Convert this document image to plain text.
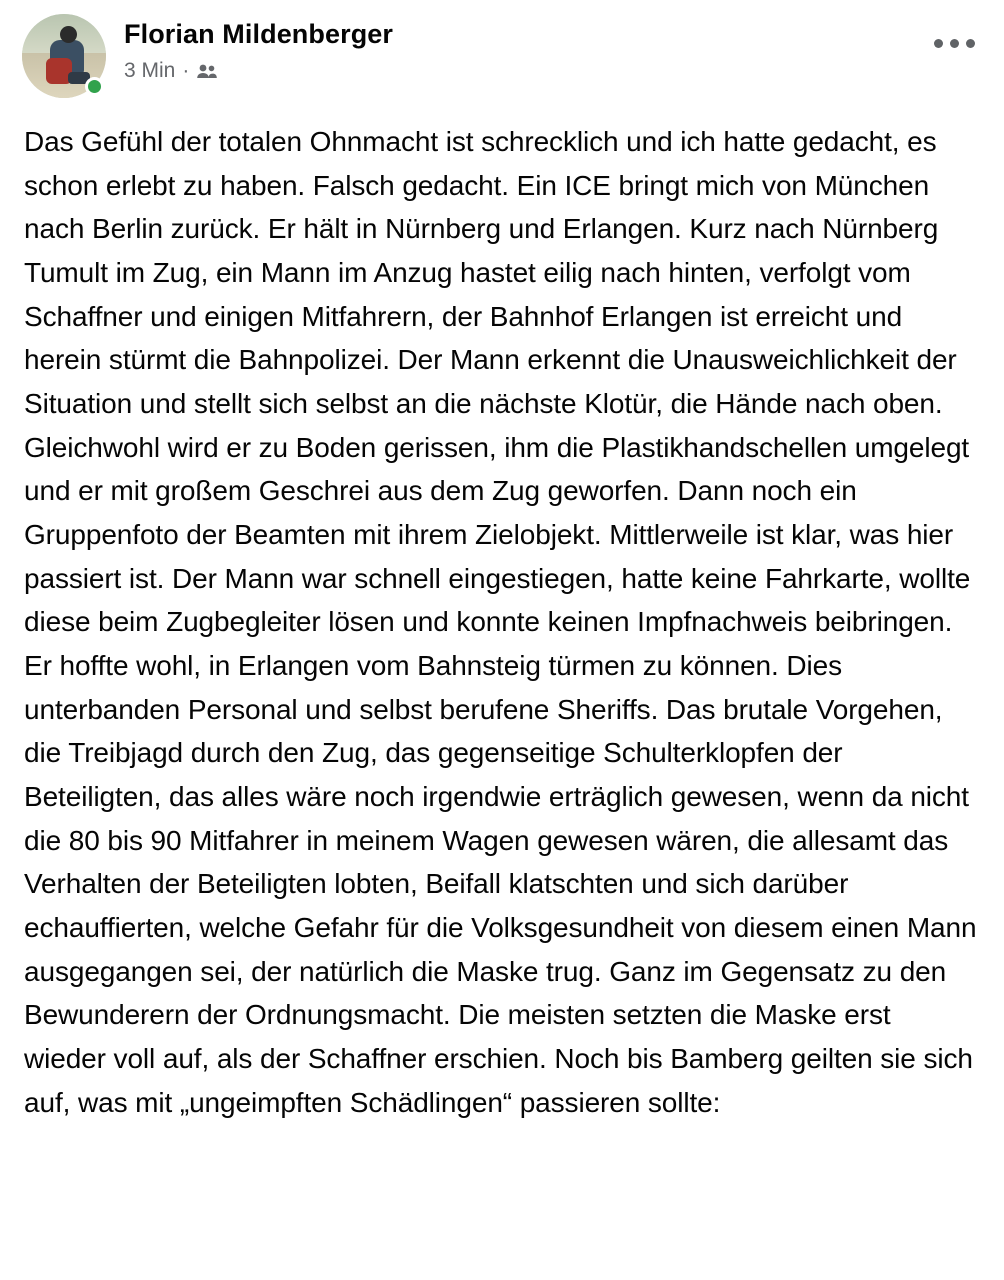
Florian Mildenberger
3 Min ·
Das Gefühl der totalen Ohnmacht ist schrecklich und ich hatte gedacht, es schon erlebt zu haben. Falsch gedacht. Ein ICE bringt mich von München nach Berlin zurück. Er hält in Nürnberg und Erlangen. Kurz nach Nürnberg Tumult im Zug, ein Mann im Anzug hastet eilig nach hinten, verfolgt vom Schaffner und einigen Mitfahrern, der Bahnhof Erlangen ist erreicht und herein stürmt die Bahnpolizei. Der Mann erkennt die Unausweichlichkeit der Situation und stellt sich selbst an die nächste Klotür, die Hände nach oben. Gleichwohl wird er zu Boden gerissen, ihm die Plastikhandschellen umgelegt und er mit großem Geschrei aus dem Zug geworfen. Dann noch ein Gruppenfoto der Beamten mit ihrem Zielobjekt. Mittlerweile ist klar, was hier passiert ist. Der Mann war schnell eingestiegen, hatte keine Fahrkarte, wollte diese beim Zugbegleiter lösen und konnte keinen Impfnachweis beibringen. Er hoffte wohl, in Erlangen vom Bahnsteig türmen zu können. Dies unterbanden Personal und selbst berufene Sheriffs. Das brutale Vorgehen, die Treibjagd durch den Zug, das gegenseitige Schulterklopfen der Beteiligten, das alles wäre noch irgendwie erträglich gewesen, wenn da nicht die 80 bis 90 Mitfahrer in meinem Wagen gewesen wären, die allesamt das Verhalten der Beteiligten lobten, Beifall klatschten und sich darüber echauffierten, welche Gefahr für die Volksgesundheit von diesem einen Mann ausgegangen sei, der natürlich die Maske trug. Ganz im Gegensatz zu den Bewunderern der Ordnungsmacht. Die meisten setzten die Maske erst wieder voll auf, als der Schaffner erschien. Noch bis Bamberg geilten sie sich auf, was mit „ungeimpften Schädlingen“ passieren sollte:
